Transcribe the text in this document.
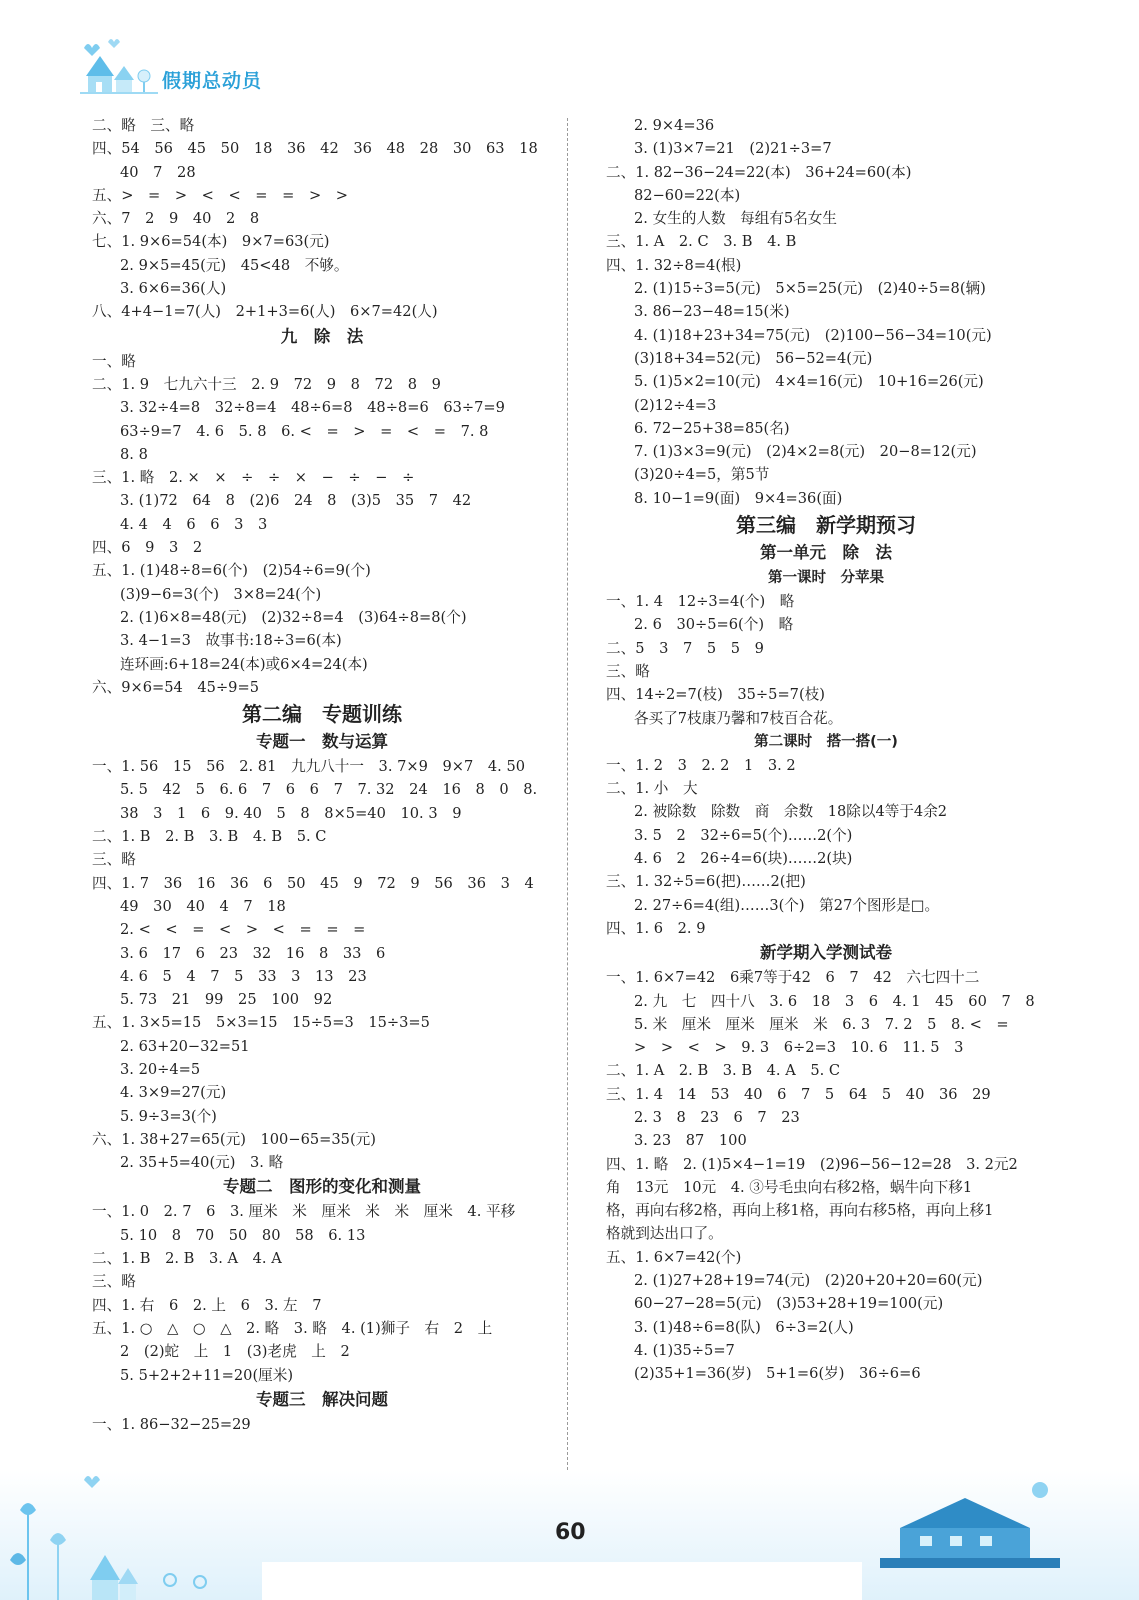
假期总动员
二、略　三、略
四、54　56　45　50　18　36　42　36　48　28　30　63　18
40　7　28
五、>　=　>　<　<　=　=　>　>
六、7　2　9　40　2　8
七、1. 9×6=54(本)　9×7=63(元)
2. 9×5=45(元)　45<48　不够。
3. 6×6=36(人)
八、4+4−1=7(人)　2+1+3=6(人)　6×7=42(人)
九　除　法
一、略
二、1. 9　七九六十三　2. 9　72　9　8　72　8　9
3. 32÷4=8　32÷8=4　48÷6=8　48÷8=6　63÷7=9
63÷9=7　4. 6　5. 8　6. <　=　>　=　<　=　7. 8
8. 8
三、1. 略　2. ×　×　÷　÷　×　−　÷　−　÷
3. (1)72　64　8　(2)6　24　8　(3)5　35　7　42
4. 4　4　6　6　3　3
四、6　9　3　2
五、1. (1)48÷8=6(个)　(2)54÷6=9(个)
(3)9−6=3(个)　3×8=24(个)
2. (1)6×8=48(元)　(2)32÷8=4　(3)64÷8=8(个)
3. 4−1=3　故事书:18÷3=6(本)
连环画:6+18=24(本)或6×4=24(本)
六、9×6=54　45÷9=5
第二编　专题训练
专题一　数与运算
一、1. 56　15　56　2. 81　九九八十一　3. 7×9　9×7　4. 50
5. 5　42　5　6. 6　7　6　6　7　7. 32　24　16　8　0　8.
38　3　1　6　9. 40　5　8　8×5=40　10. 3　9
二、1. B　2. B　3. B　4. B　5. C
三、略
四、1. 7　36　16　36　6　50　45　9　72　9　56　36　3　4
49　30　40　4　7　18
2. <　<　=　<　>　<　=　=　=
3. 6　17　6　23　32　16　8　33　6
4. 6　5　4　7　5　33　3　13　23
5. 73　21　99　25　100　92
五、1. 3×5=15　5×3=15　15÷5=3　15÷3=5
2. 63+20−32=51
3. 20÷4=5
4. 3×9=27(元)
5. 9÷3=3(个)
六、1. 38+27=65(元)　100−65=35(元)
2. 35+5=40(元)　3. 略
专题二　图形的变化和测量
一、1. 0　2. 7　6　3. 厘米　米　厘米　米　米　厘米　4. 平移
5. 10　8　70　50　80　58　6. 13
二、1. B　2. B　3. A　4. A
三、略
四、1. 右　6　2. 上　6　3. 左　7
五、1. ○　△　○　△　2. 略　3. 略　4. (1)狮子　右　2　上
2　(2)蛇　上　1　(3)老虎　上　2
5. 5+2+2+11=20(厘米)
专题三　解决问题
一、1. 86−32−25=29
2. 9×4=36
3. (1)3×7=21　(2)21÷3=7
二、1. 82−36−24=22(本)　36+24=60(本)
82−60=22(本)
2. 女生的人数　每组有5名女生
三、1. A　2. C　3. B　4. B
四、1. 32÷8=4(根)
2. (1)15÷3=5(元)　5×5=25(元)　(2)40÷5=8(辆)
3. 86−23−48=15(米)
4. (1)18+23+34=75(元)　(2)100−56−34=10(元)
(3)18+34=52(元)　56−52=4(元)
5. (1)5×2=10(元)　4×4=16(元)　10+16=26(元)
(2)12÷4=3
6. 72−25+38=85(名)
7. (1)3×3=9(元)　(2)4×2=8(元)　20−8=12(元)
(3)20÷4=5，第5节
8. 10−1=9(面)　9×4=36(面)
第三编　新学期预习
第一单元　除　法
第一课时　分苹果
一、1. 4　12÷3=4(个)　略
2. 6　30÷5=6(个)　略
二、5　3　7　5　5　9
三、略
四、14÷2=7(枝)　35÷5=7(枝)
各买了7枝康乃馨和7枝百合花。
第二课时　搭一搭(一)
一、1. 2　3　2. 2　1　3. 2
二、1. 小　大
2. 被除数　除数　商　余数　18除以4等于4余2
3. 5　2　32÷6=5(个)……2(个)
4. 6　2　26÷4=6(块)……2(块)
三、1. 32÷5=6(把)……2(把)
2. 27÷6=4(组)……3(个)　第27个图形是□。
四、1. 6　2. 9
新学期入学测试卷
一、1. 6×7=42　6乘7等于42　6　7　42　六七四十二
2. 九　七　四十八　3. 6　18　3　6　4. 1　45　60　7　8
5. 米　厘米　厘米　厘米　米　6. 3　7. 2　5　8. <　=
>　>　<　>　9. 3　6÷2=3　10. 6　11. 5　3
二、1. A　2. B　3. B　4. A　5. C
三、1. 4　14　53　40　6　7　5　64　5　40　36　29
2. 3　8　23　6　7　23
3. 23　87　100
四、1. 略　2. (1)5×4−1=19　(2)96−56−12=28　3. 2元2
角　13元　10元　4. ③号毛虫向右移2格，蜗牛向下移1
格，再向右移2格，再向上移1格，再向右移5格，再向上移1
格就到达出口了。
五、1. 6×7=42(个)
2. (1)27+28+19=74(元)　(2)20+20+20=60(元)
60−27−28=5(元)　(3)53+28+19=100(元)
3. (1)48÷6=8(队)　6÷3=2(人)
4. (1)35÷5=7
(2)35+1=36(岁)　5+1=6(岁)　36÷6=6
60
